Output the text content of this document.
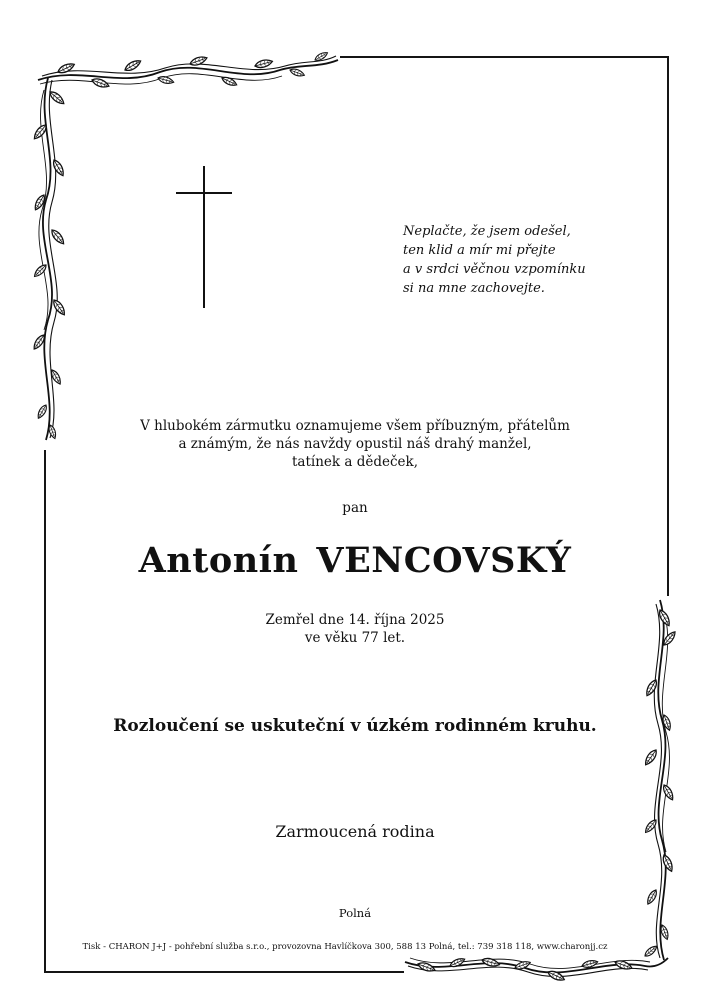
Neplačte, že jsem odešel,
ten klid a mír mi přejte
a v srdci věčnou vzpomínku
si na mne zachovejte.
V hlubokém zármutku oznamujeme všem příbuzným, přátelům
a známým, že nás navždy opustil náš drahý manžel,
tatínek a dědeček,
pan
Antonín VENCOVSKÝ
Zemřel dne 14. října 2025
ve věku 77 let.
Rozloučení se uskuteční v úzkém rodinném kruhu.
Zarmoucená rodina
Polná
Tisk - CHARON J+J - pohřební služba s.r.o., provozovna Havlíčkova 300, 588 13 Polná, tel.: 739 318 118, www.charonjj.cz
